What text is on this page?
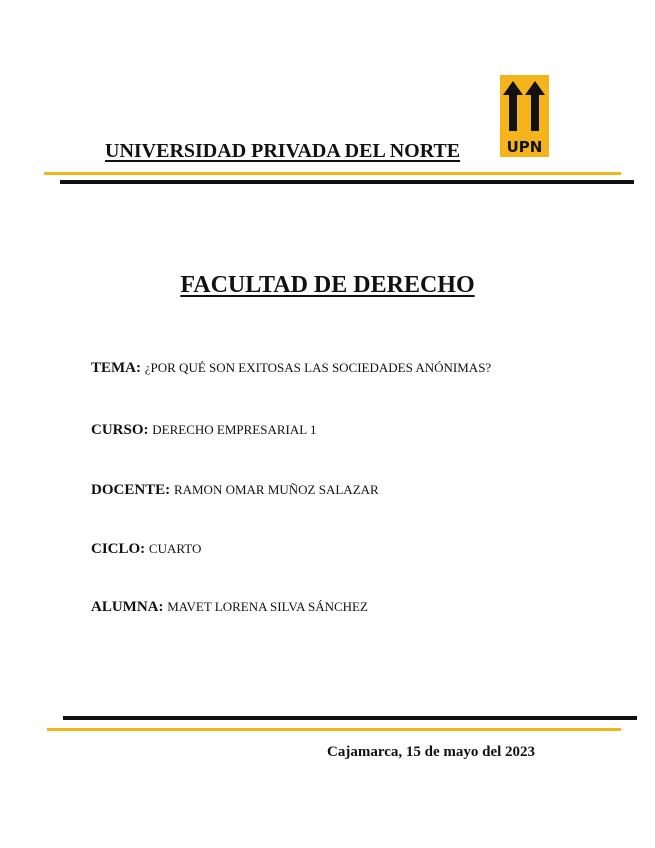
UNIVERSIDAD PRIVADA DEL NORTE	UPN
FACULTAD DE DERECHO
TEMA: ¿POR QUÉ SON EXITOSAS LAS SOCIEDADES ANÓNIMAS?
CURSO: DERECHO EMPRESARIAL 1
DOCENTE: RAMON OMAR MUÑOZ SALAZAR
CICLO: CUARTO
ALUMNA: MAVET LORENA SILVA SÁNCHEZ
Cajamarca, 15 de mayo del 2023
